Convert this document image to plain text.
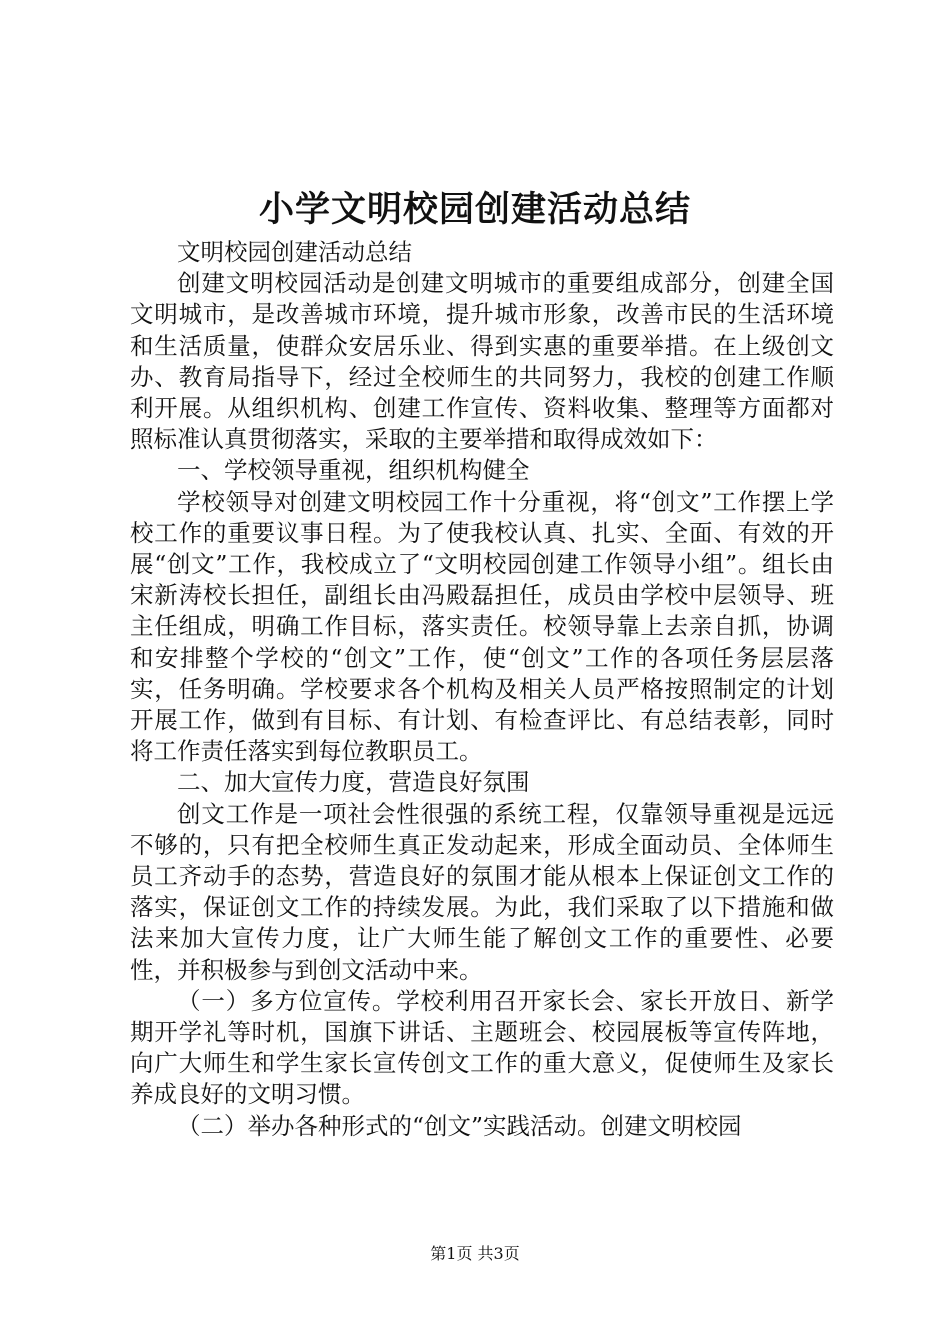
小学文明校园创建活动总结

文明校园创建活动总结

创建文明校园活动是创建文明城市的重要组成部分，创建全国文明城市，是改善城市环境，提升城市形象，改善市民的生活环境和生活质量，使群众安居乐业、得到实惠的重要举措。在上级创文办、教育局指导下，经过全校师生的共同努力，我校的创建工作顺利开展。从组织机构、创建工作宣传、资料收集、整理等方面都对照标准认真贯彻落实，采取的主要举措和取得成效如下：

一、学校领导重视，组织机构健全

学校领导对创建文明校园工作十分重视，将“创文”工作摆上学校工作的重要议事日程。为了使我校认真、扎实、全面、有效的开展“创文”工作，我校成立了“文明校园创建工作领导小组”。组长由宋新涛校长担任，副组长由冯殿磊担任，成员由学校中层领导、班主任组成，明确工作目标，落实责任。校领导靠上去亲自抓，协调和安排整个学校的“创文”工作，使“创文”工作的各项任务层层落实，任务明确。学校要求各个机构及相关人员严格按照制定的计划开展工作，做到有目标、有计划、有检查评比、有总结表彰，同时将工作责任落实到每位教职员工。

二、加大宣传力度，营造良好氛围

创文工作是一项社会性很强的系统工程，仅靠领导重视是远远不够的，只有把全校师生真正发动起来，形成全面动员、全体师生员工齐动手的态势，营造良好的氛围才能从根本上保证创文工作的落实，保证创文工作的持续发展。为此，我们采取了以下措施和做法来加大宣传力度，让广大师生能了解创文工作的重要性、必要性，并积极参与到创文活动中来。

（一）多方位宣传。学校利用召开家长会、家长开放日、新学期开学礼等时机，国旗下讲话、主题班会、校园展板等宣传阵地，向广大师生和学生家长宣传创文工作的重大意义，促使师生及家长养成良好的文明习惯。

（二）举办各种形式的“创文”实践活动。创建文明校园

第1页 共3页
